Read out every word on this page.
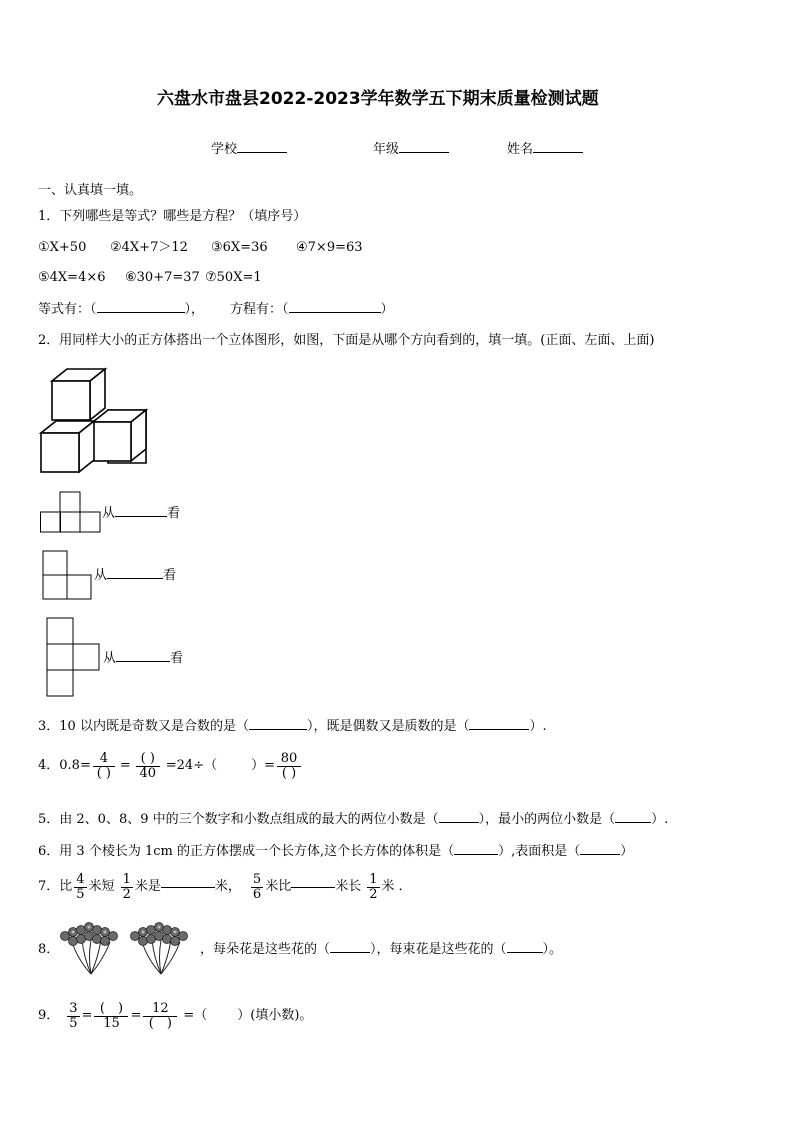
六盘水市盘县2022-2023学年数学五下期末质量检测试题
学校	年级	姓名
一、认真填一填。
1．下列哪些是等式？哪些是方程？（填序号）
①X+50 ②4X+7＞12 ③6X=36 ④7×9=63
⑤4X=4×6 ⑥30+7=37 ⑦50X=1
等式有：（	）， 方程有：（	）
2．用同样大小的正方体搭出一个立体图形，如图，下面是从哪个方向看到的，填一填。(正面、左面、上面)
从	看
从	看
从	看
3．10 以内既是奇数又是合数的是（	），既是偶数又是质数的是（	）.
4．$0.8= \frac{4}{( )} = \frac{( )}{40} =24\div$（	）= $\frac{80}{( )}$
5．由 2、0、8、9 中的三个数字和小数点组成的最大的两位小数是（	），最小的两位小数是（	）.
6．用 3 个棱长为 1cm 的正方体摆成一个长方体,这个长方体的体积是（	）,表面积是（	）
7．比 $\frac{4}{5}$ 米短 $\frac{1}{2}$ 米是	米， $\frac{5}{6}$ 米比	米长 $\frac{1}{2}$ 米 ．
8．	，每朵花是这些花的（	），每束花是这些花的（	）。
9． $\frac{3}{5} = \frac{( )}{15} = \frac{12}{( )}$ =（ ）(填小数)。
